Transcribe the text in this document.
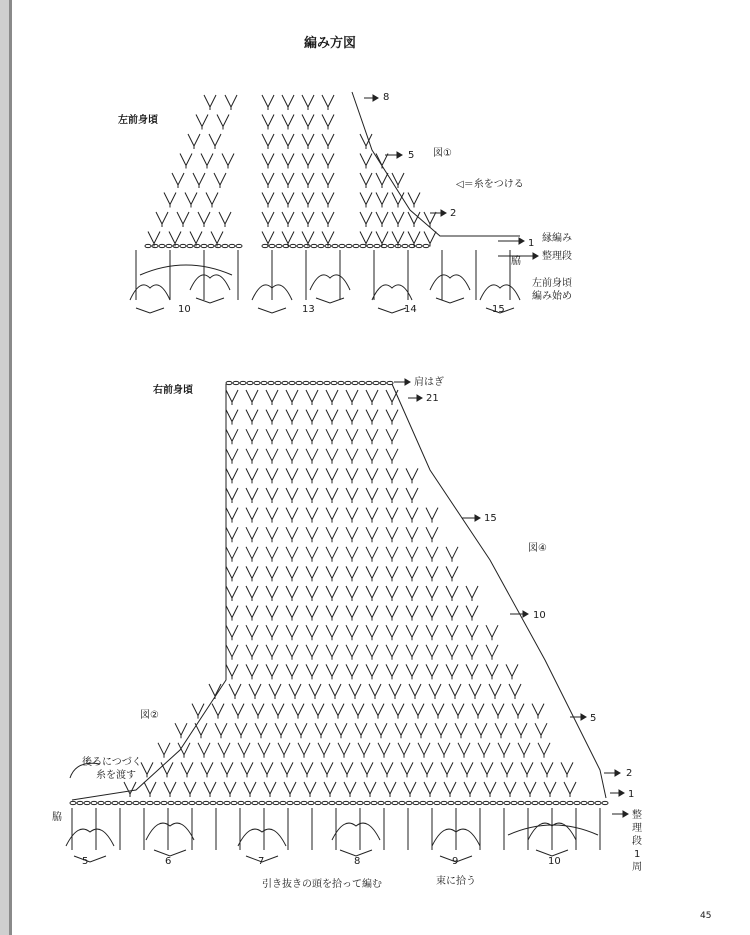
編み方図
左前身頃
8
5 図①
◁＝糸をつける
2
縁編み
1
整理段
脇
左前身頃
編み始め
10	13	14	15
右前身頃
肩はぎ
21
15
図④
10
5
図②
後ろにつづく
糸を渡す	2
1
脇	整
理
段
1
周
5	6	7	8	9	10
引き抜きの頭を拾って編む	束に拾う
45
